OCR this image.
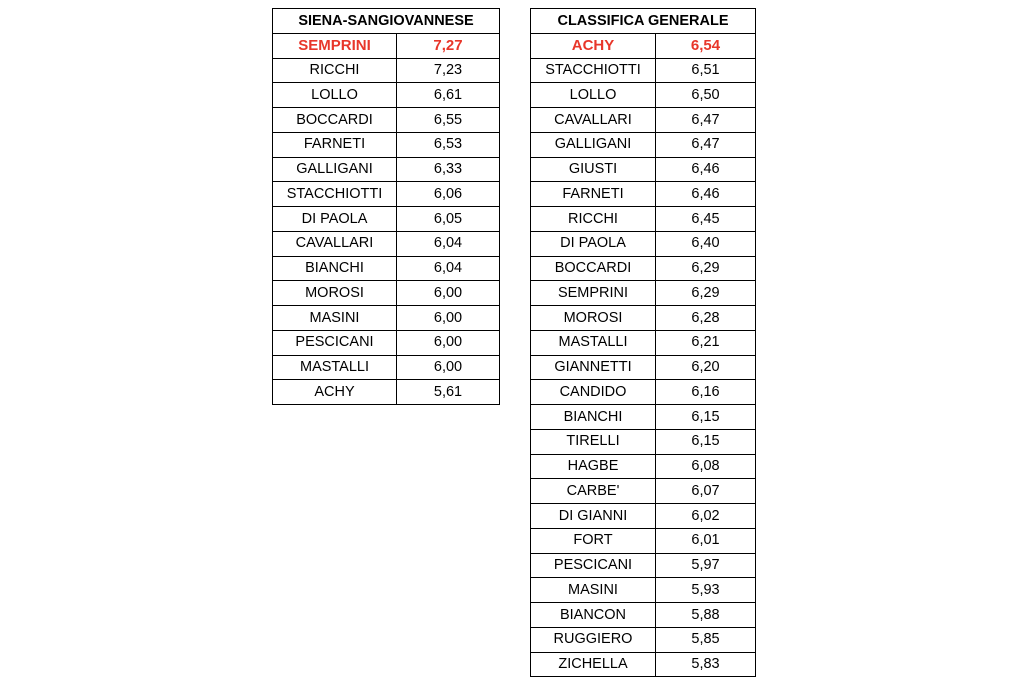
SIENA-SANGIOVANNESE	
SEMPRINI	7,27
RICCHI	7,23
LOLLO	6,61
BOCCARDI	6,55
FARNETI	6,53
GALLIGANI	6,33
STACCHIOTTI	6,06
DI PAOLA	6,05
CAVALLARI	6,04
BIANCHI	6,04
MOROSI	6,00
MASINI	6,00
PESCICANI	6,00
MASTALLI	6,00
ACHY	5,61
CLASSIFICA GENERALE	
ACHY	6,54
STACCHIOTTI	6,51
LOLLO	6,50
CAVALLARI	6,47
GALLIGANI	6,47
GIUSTI	6,46
FARNETI	6,46
RICCHI	6,45
DI PAOLA	6,40
BOCCARDI	6,29
SEMPRINI	6,29
MOROSI	6,28
MASTALLI	6,21
GIANNETTI	6,20
CANDIDO	6,16
BIANCHI	6,15
TIRELLI	6,15
HAGBE	6,08
CARBE'	6,07
DI GIANNI	6,02
FORT	6,01
PESCICANI	5,97
MASINI	5,93
BIANCON	5,88
RUGGIERO	5,85
ZICHELLA	5,83
